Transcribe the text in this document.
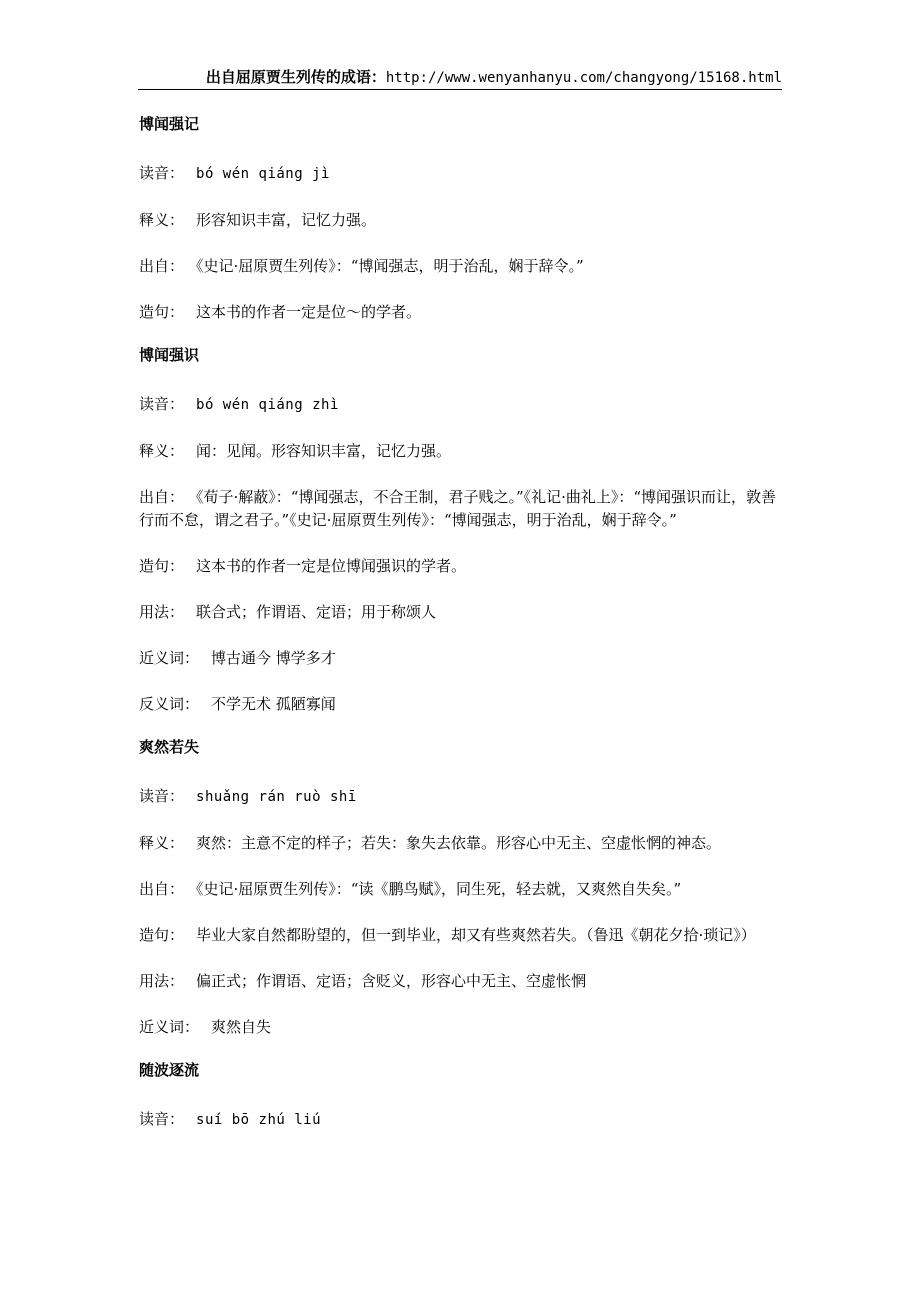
出自屈原贾生列传的成语：http://www.wenyanhanyu.com/changyong/15168.html
博闻强记
读音： bó wén qiáng jì
释义： 形容知识丰富，记忆力强。
出自： 《史记·屈原贾生列传》：“博闻强志，明于治乱，娴于辞令。”
造句： 这本书的作者一定是位～的学者。
博闻强识
读音： bó wén qiáng zhì
释义： 闻：见闻。形容知识丰富，记忆力强。
出自： 《荀子·解蔽》：“博闻强志，不合王制，君子贱之。”《礼记·曲礼上》：“博闻强识而让，敦善行而不怠，谓之君子。”《史记·屈原贾生列传》：“博闻强志，明于治乱，娴于辞令。”
造句： 这本书的作者一定是位博闻强识的学者。
用法： 联合式；作谓语、定语；用于称颂人
近义词： 博古通今 博学多才
反义词： 不学无术 孤陋寡闻
爽然若失
读音： shuǎng rán ruò shī
释义： 爽然：主意不定的样子；若失：象失去依靠。形容心中无主、空虚怅惘的神态。
出自： 《史记·屈原贾生列传》：“读《鹏鸟赋》，同生死，轻去就，又爽然自失矣。”
造句： 毕业大家自然都盼望的，但一到毕业，却又有些爽然若失。（鲁迅《朝花夕拾·琐记》）
用法： 偏正式；作谓语、定语；含贬义，形容心中无主、空虚怅惘
近义词： 爽然自失
随波逐流
读音： suí bō zhú liú
